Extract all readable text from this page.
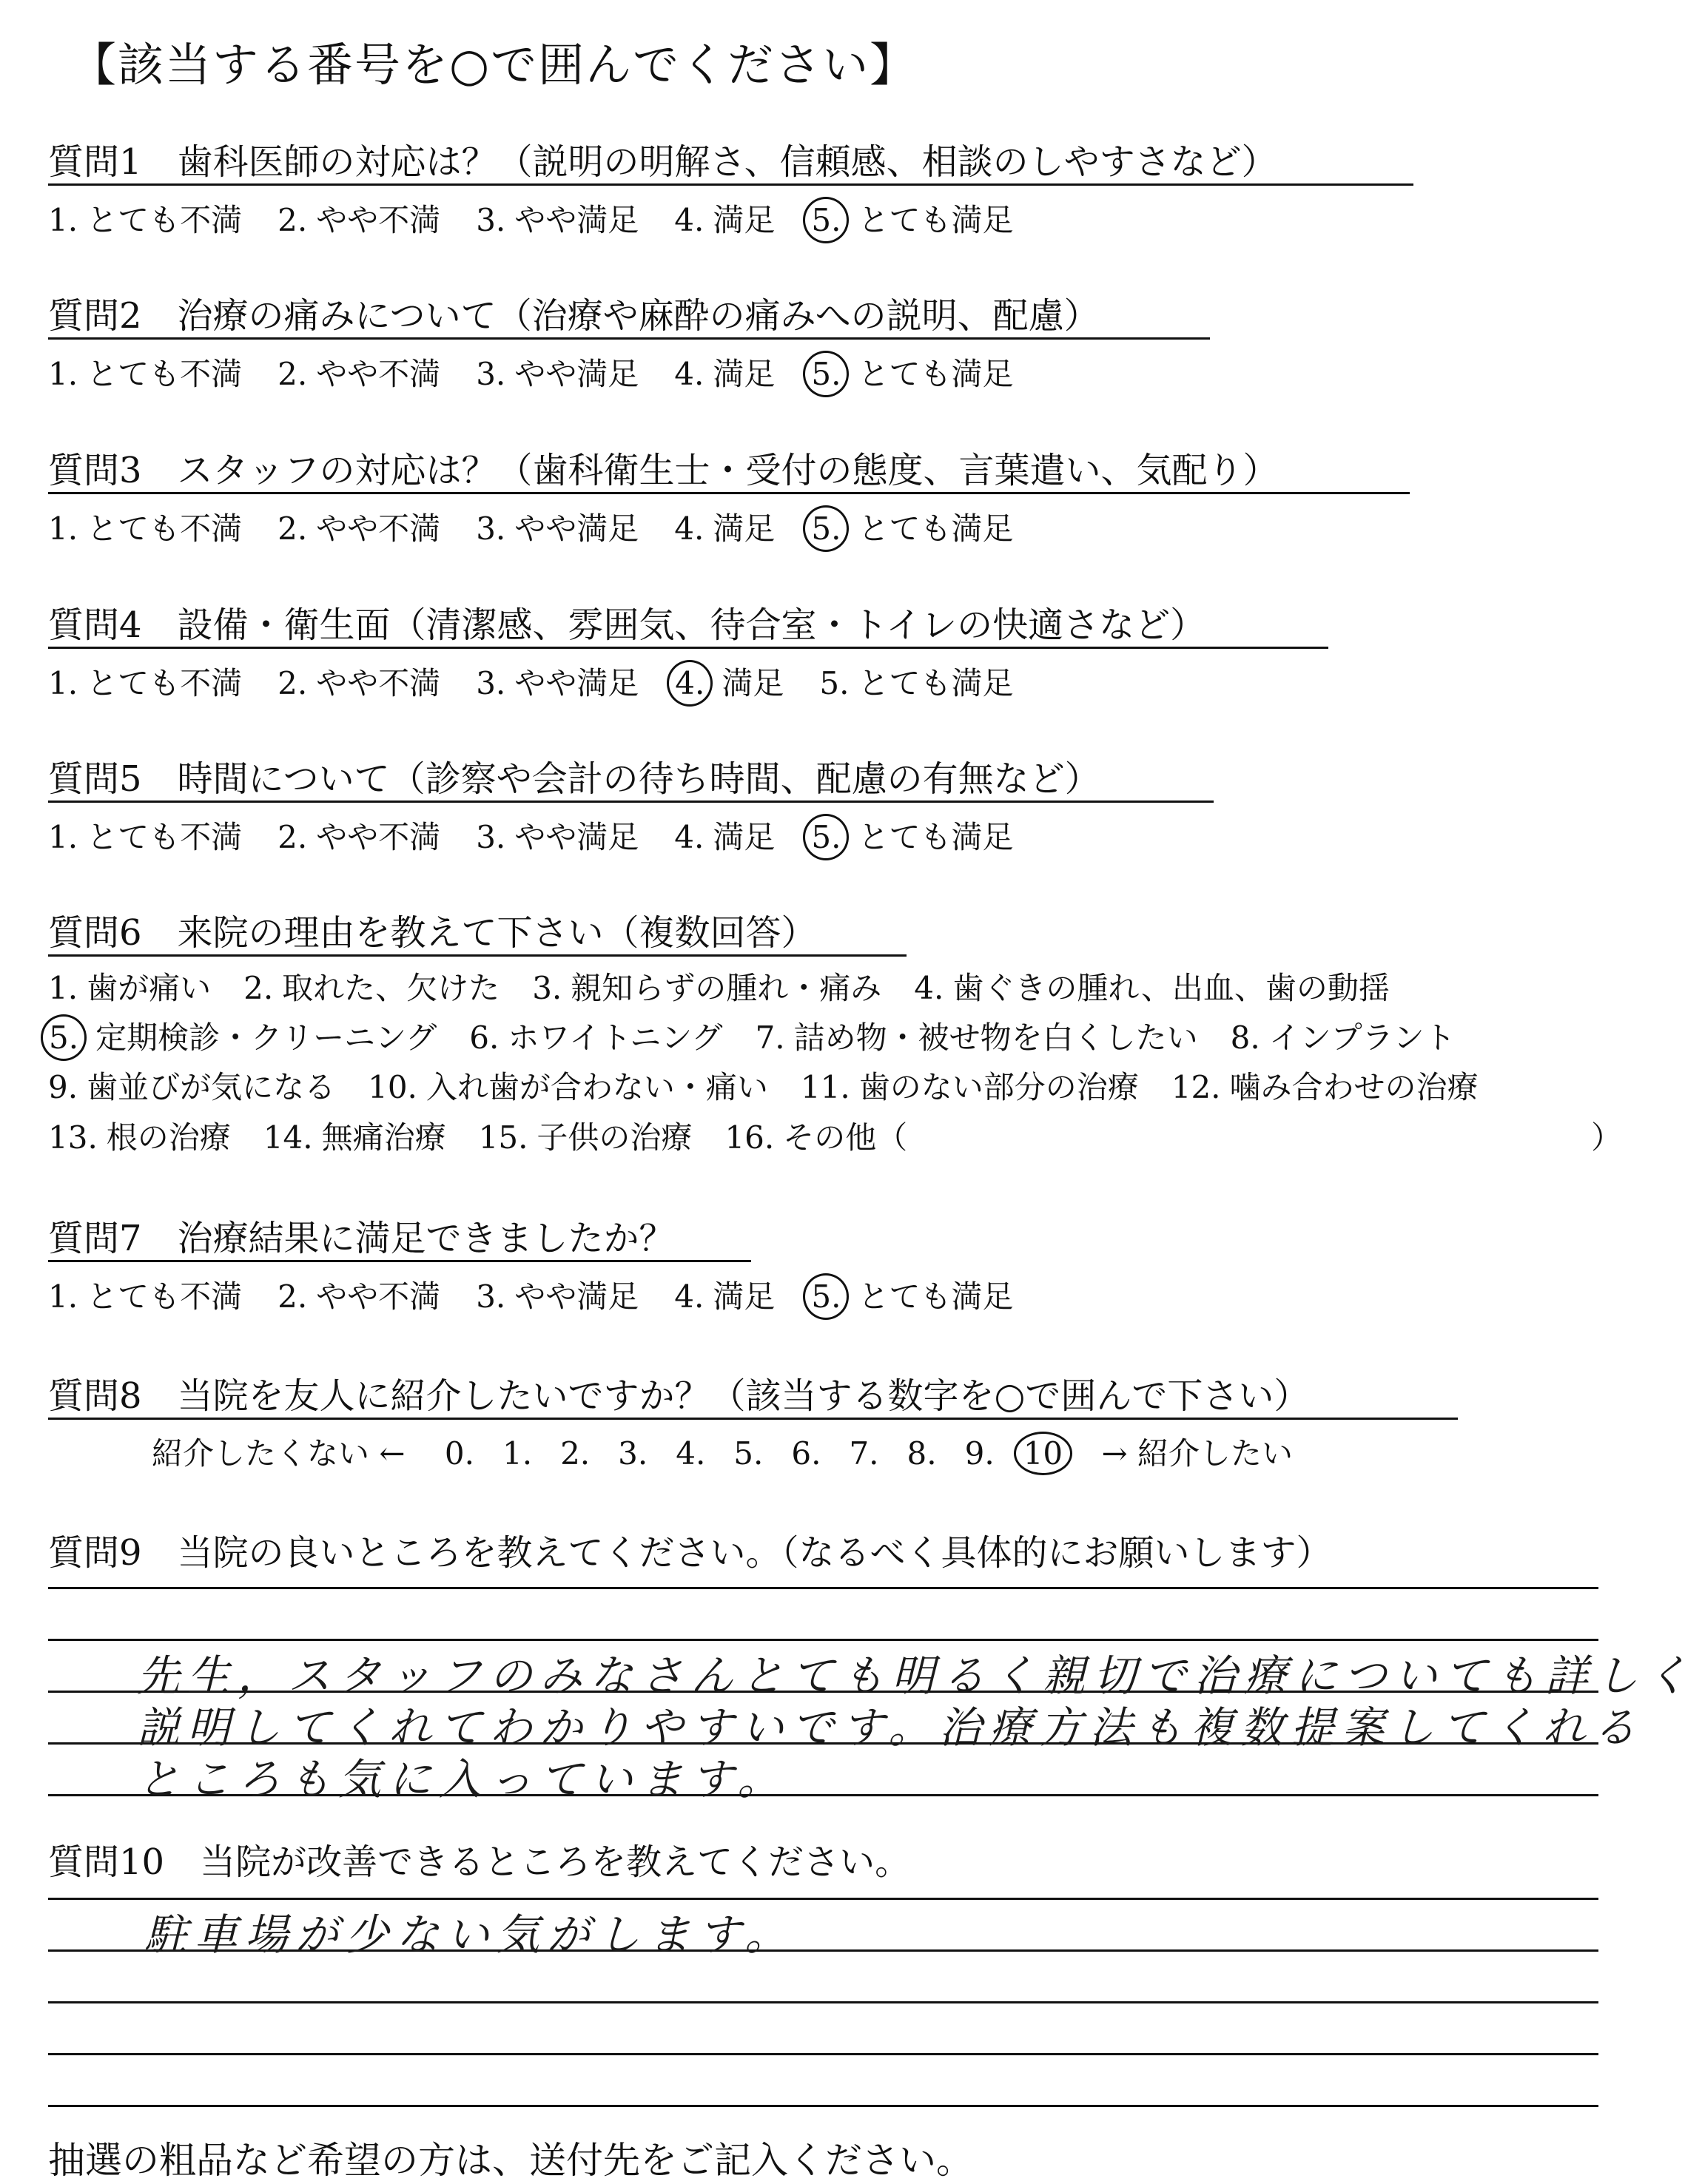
【該当する番号を○で囲んでください】
質問1　歯科医師の対応は？（説明の明解さ、信頼感、相談のしやすさなど）
1. とても不満 2. やや不満 3. やや満足 4. 満足 5. とても満足
質問2　治療の痛みについて（治療や麻酔の痛みへの説明、配慮）
1. とても不満 2. やや不満 3. やや満足 4. 満足 5. とても満足
質問3　スタッフの対応は？（歯科衛生士・受付の態度、言葉遣い、気配り）
1. とても不満 2. やや不満 3. やや満足 4. 満足 5. とても満足
質問4　設備・衛生面（清潔感、雰囲気、待合室・トイレの快適さなど）
1. とても不満 2. やや不満 3. やや満足 4. 満足 5. とても満足
質問5　時間について（診察や会計の待ち時間、配慮の有無など）
1. とても不満 2. やや不満 3. やや満足 4. 満足 5. とても満足
質問6　来院の理由を教えて下さい（複数回答）
1. 歯が痛い 2. 取れた、欠けた 3. 親知らずの腫れ・痛み 4. 歯ぐきの腫れ、出血、歯の動揺
5. 定期検診・クリーニング 6. ホワイトニング 7. 詰め物・被せ物を白くしたい 8. インプラント
9. 歯並びが気になる 10. 入れ歯が合わない・痛い 11. 歯のない部分の治療 12. 噛み合わせの治療
13. 根の治療 14. 無痛治療 15. 子供の治療 16. その他（	）
質問7　治療結果に満足できましたか？
1. とても不満 2. やや不満 3. やや満足 4. 満足 5. とても満足
質問8　当院を友人に紹介したいですか？（該当する数字を○で囲んで下さい）
紹介したくない ← 0. 1. 2. 3. 4. 5. 6. 7. 8. 9. 10 → 紹介したい
質問9　当院の良いところを教えてください。（なるべく具体的にお願いします）
先生，スタッフのみなさんとても明るく親切で治療についても詳しく
説明してくれてわかりやすいです。治療方法も複数提案してくれる
ところも気に入っています。
質問10　当院が改善できるところを教えてください。
駐車場が少ない気がします。
抽選の粗品など希望の方は、送付先をご記入ください。
